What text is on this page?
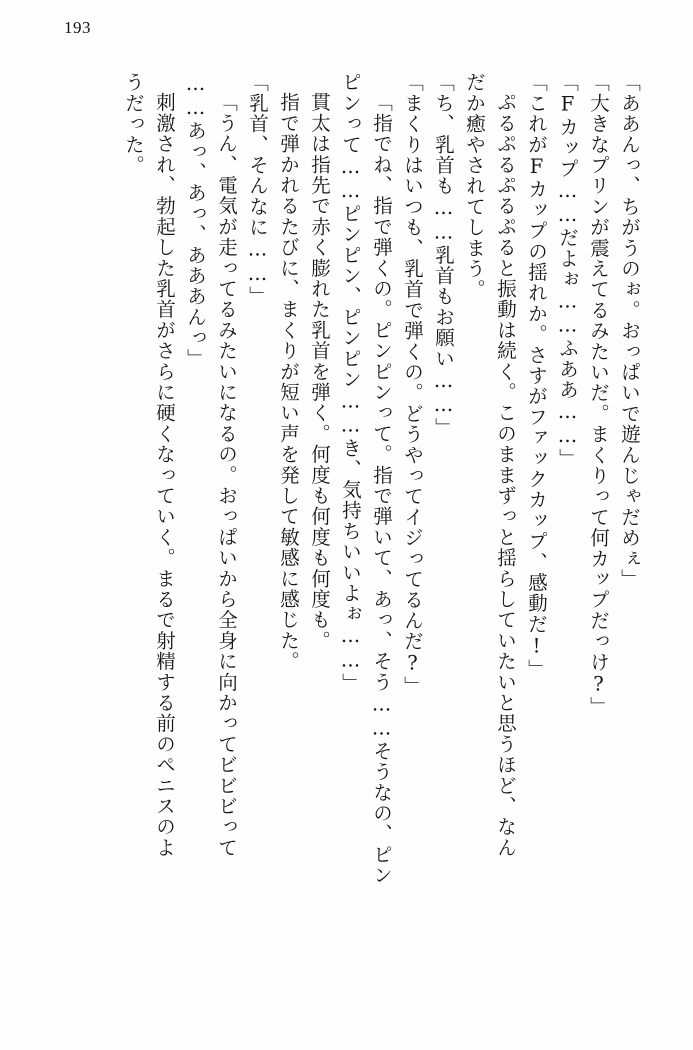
193
「ああんっ、ちがうのぉ。おっぱいで遊んじゃだめぇ」
「大きなプリンが震えてるみたいだ。まくりって何カップだっけ?」
「Fカップ……だよぉ……ふああ……」
「これがFカップの揺れか。さすがファックカップ、感動だ!」
ぷるぷるぷるぷると振動は続く。このままずっと揺らしていたいと思うほど、なん
だか癒やされてしまう。
「ち、乳首も……乳首もお願い……」
「まくりはいつも、乳首で弾くの。どうやってイジってるんだ?」
「指でね、指で弾くの。ピンピンって。指で弾いて、あっ、そう……そうなの、ピン
ピンって……ピンピン、ピンピン……き、気持ちいいよぉ……」
貫太は指先で赤く膨れた乳首を弾く。何度も何度も何度も。
指で弾かれるたびに、まくりが短い声を発して敏感に感じた。
「乳首、そんなに……」
「うん、電気が走ってるみたいになるの。おっぱいから全身に向かってビビビって
……あっ、あっ、あああんっ」
刺激され、勃起した乳首がさらに硬くなっていく。まるで射精する前のペニスのよ
うだった。
